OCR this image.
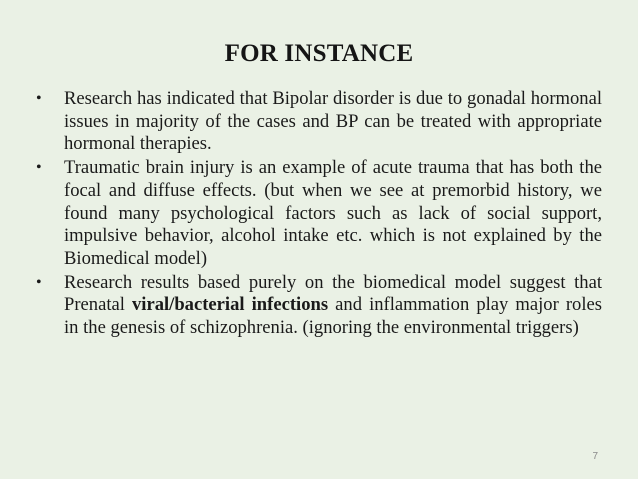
FOR INSTANCE
• Research has indicated that Bipolar disorder is due to gonadal hormonal issues in majority of the cases and BP can be treated with appropriate hormonal therapies.
• Traumatic brain injury is an example of acute trauma that has both the focal and diffuse effects. (but when we see at premorbid history, we found many psychological factors such as lack of social support, impulsive behavior, alcohol intake etc. which is not explained by the Biomedical model)
• Research results based purely on the biomedical model suggest that Prenatal viral/bacterial infections and inflammation play major roles in the genesis of schizophrenia. (ignoring the environmental triggers)
7
